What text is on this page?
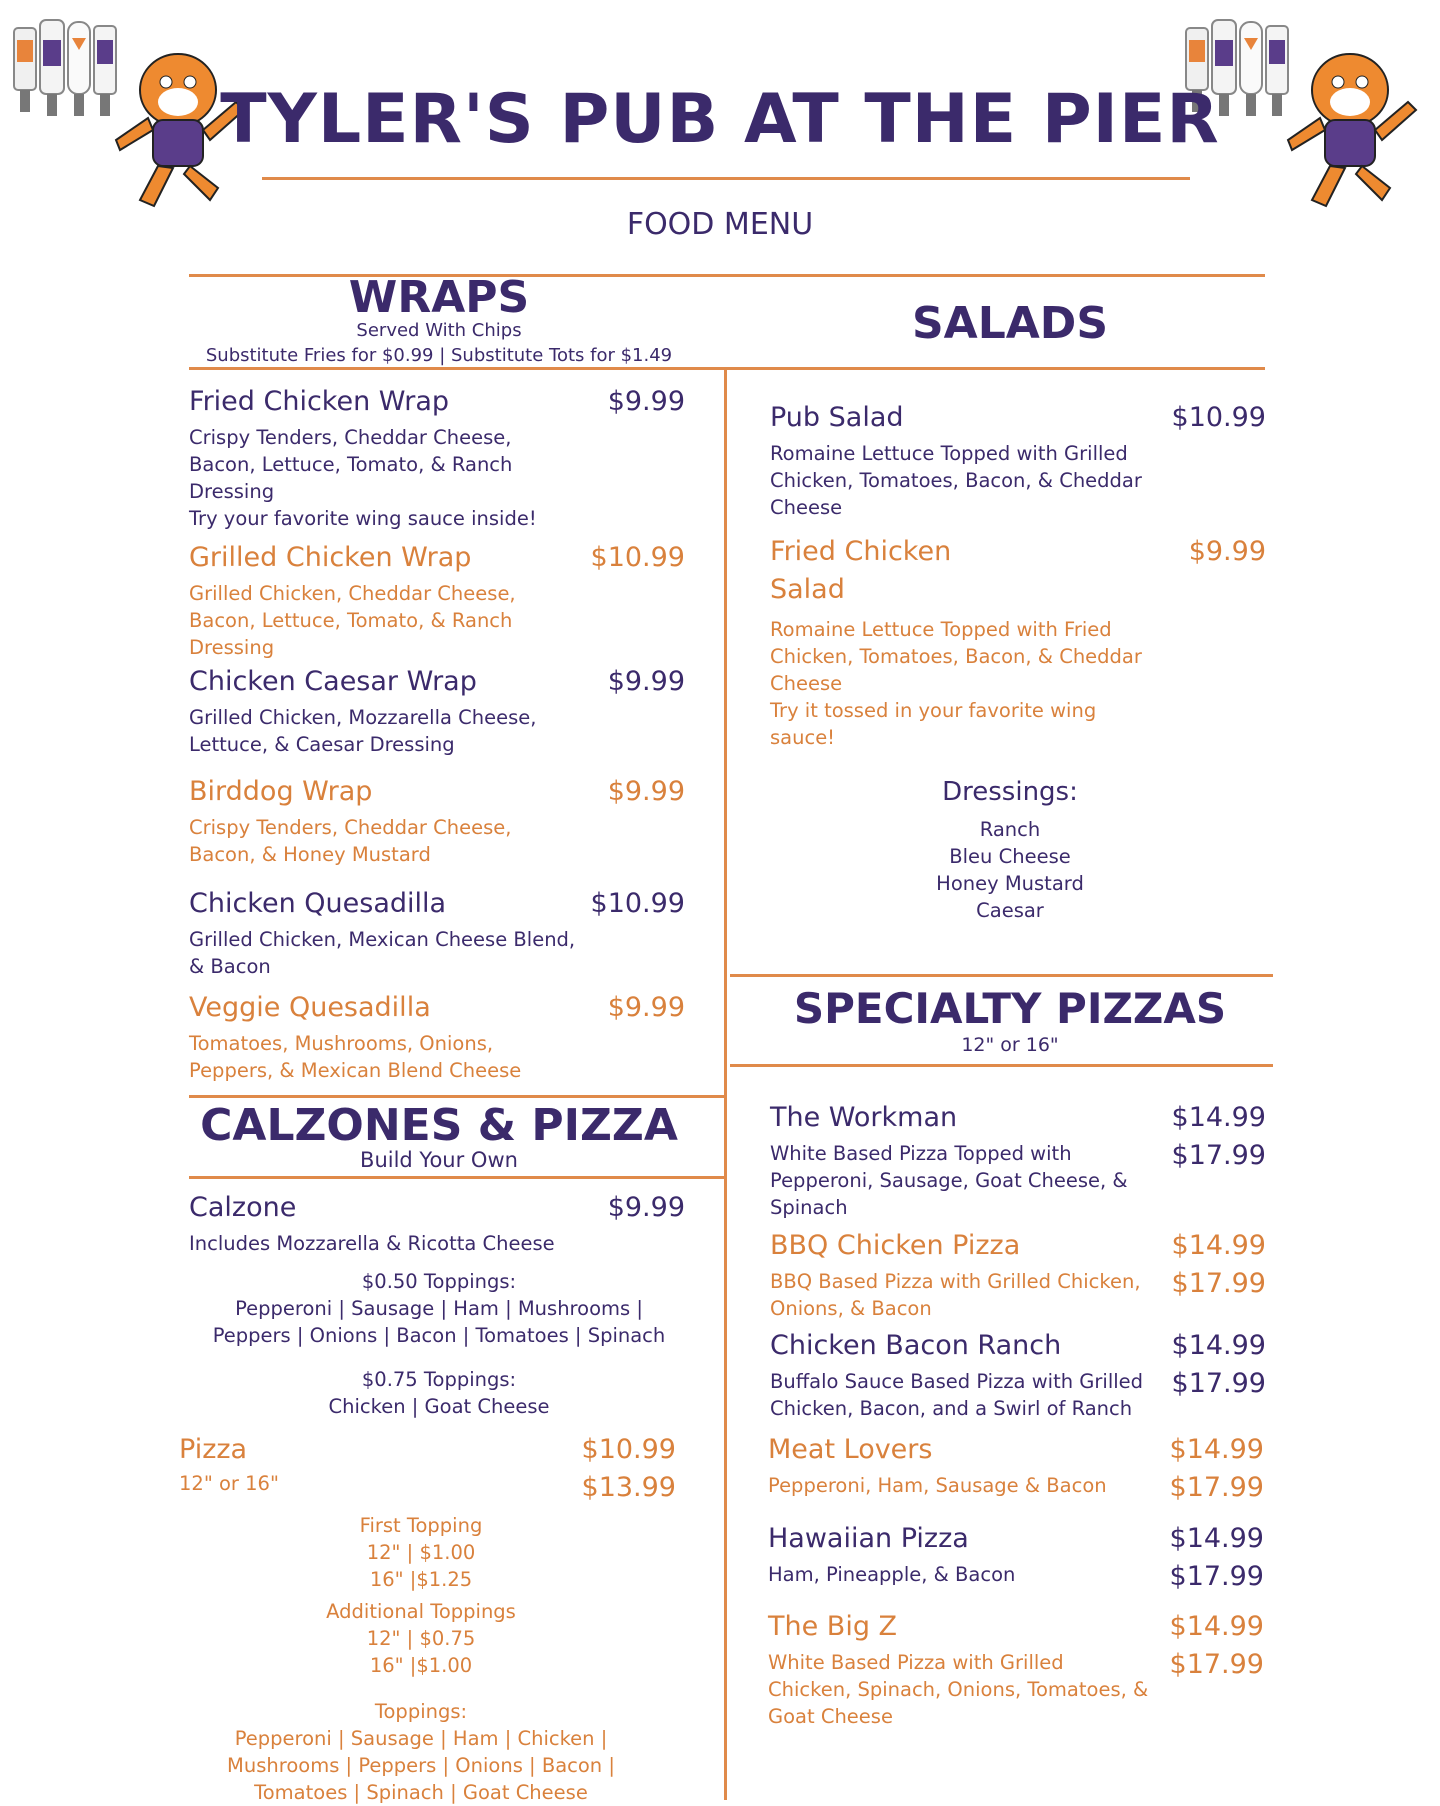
TYLER'S PUB AT THE PIER
FOOD MENU
WRAPS
Served With Chips
Substitute Fries for $0.99 | Substitute Tots for $1.49
Fried Chicken Wrap	$9.99
Crispy Tenders, Cheddar Cheese,
Bacon, Lettuce, Tomato, & Ranch
Dressing
Try your favorite wing sauce inside!
Grilled Chicken Wrap	$10.99
Grilled Chicken, Cheddar Cheese,
Bacon, Lettuce, Tomato, & Ranch
Dressing
Chicken Caesar Wrap	$9.99
Grilled Chicken, Mozzarella Cheese,
Lettuce, & Caesar Dressing
Birddog Wrap	$9.99
Crispy Tenders, Cheddar Cheese,
Bacon, & Honey Mustard
Chicken Quesadilla	$10.99
Grilled Chicken, Mexican Cheese Blend,
& Bacon
Veggie Quesadilla	$9.99
Tomatoes, Mushrooms, Onions,
Peppers, & Mexican Blend Cheese
SALADS
Pub Salad	$10.99
Romaine Lettuce Topped with Grilled
Chicken, Tomatoes, Bacon, & Cheddar
Cheese
Fried Chicken
Salad
$9.99
Romaine Lettuce Topped with Fried
Chicken, Tomatoes, Bacon, & Cheddar
Cheese
Try it tossed in your favorite wing
sauce!
Dressings:
Ranch
Bleu Cheese
Honey Mustard
Caesar
SPECIALTY PIZZAS
12" or 16"
The Workman	$14.99
$17.99
White Based Pizza Topped with
Pepperoni, Sausage, Goat Cheese, &
Spinach
BBQ Chicken Pizza	$14.99
$17.99
BBQ Based Pizza with Grilled Chicken,
Onions, & Bacon
Chicken Bacon Ranch	$14.99
$17.99
Buffalo Sauce Based Pizza with Grilled
Chicken, Bacon, and a Swirl of Ranch
Meat Lovers	$14.99
$17.99
Pepperoni, Ham, Sausage & Bacon
Hawaiian Pizza	$14.99
$17.99
Ham, Pineapple, & Bacon
The Big Z	$14.99
$17.99
White Based Pizza with Grilled
Chicken, Spinach, Onions, Tomatoes, &
Goat Cheese
CALZONES & PIZZA
Build Your Own
Calzone	$9.99
Includes Mozzarella & Ricotta Cheese
$0.50 Toppings:
Pepperoni | Sausage | Ham | Mushrooms |
Peppers | Onions | Bacon | Tomatoes | Spinach
$0.75 Toppings:
Chicken | Goat Cheese
Pizza	$10.99
$13.99
12" or 16"
First Topping
12" | $1.00
16" |$1.25
Additional Toppings
12" | $0.75
16" |$1.00
Toppings:
Pepperoni | Sausage | Ham | Chicken |
Mushrooms | Peppers | Onions | Bacon |
Tomatoes | Spinach | Goat Cheese
